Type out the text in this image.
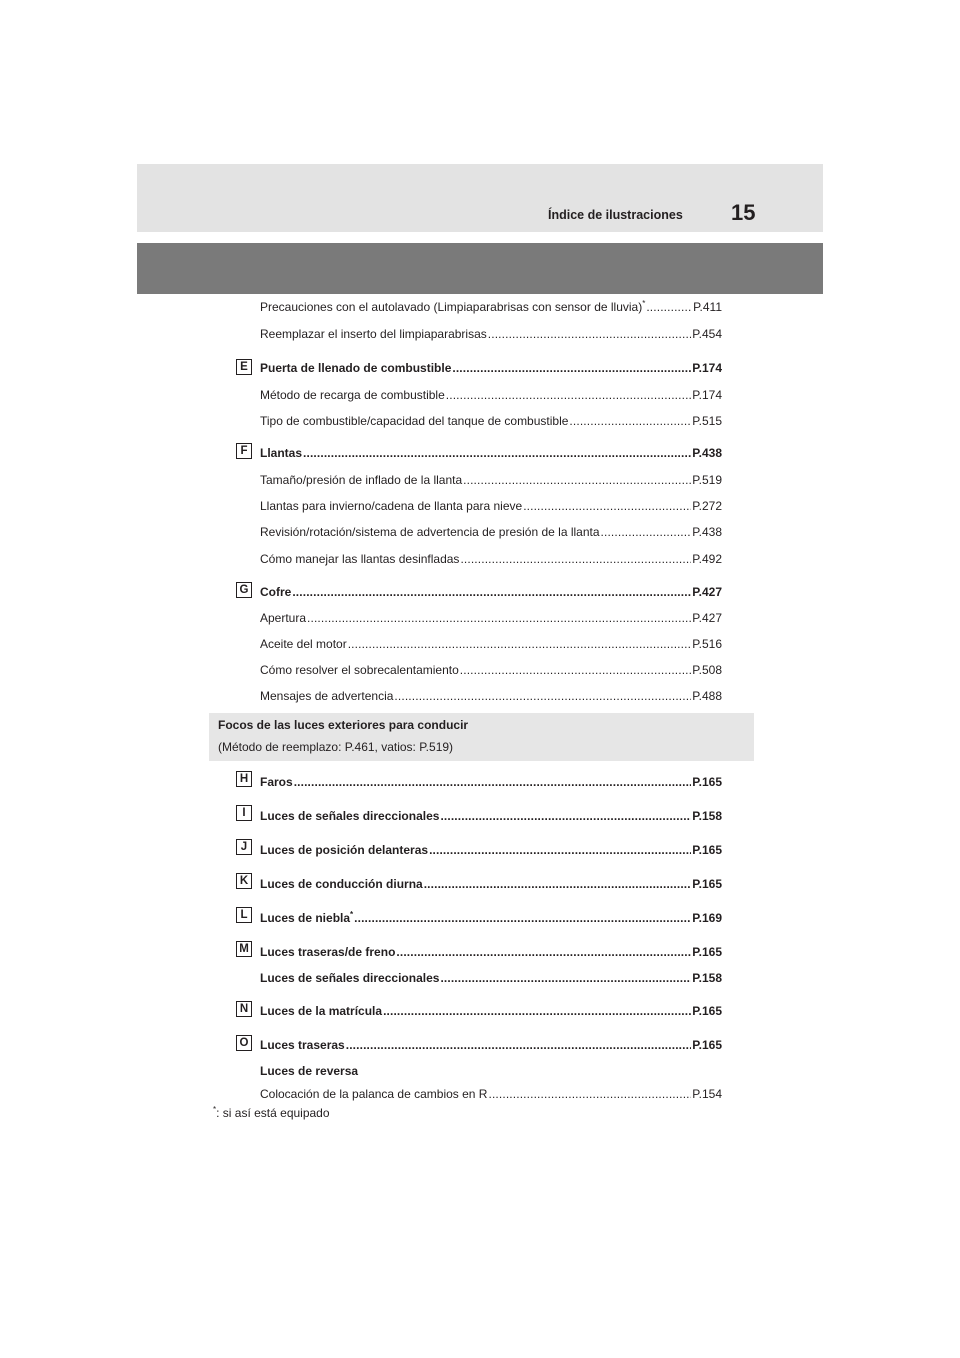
Índice de ilustraciones 15
Precauciones con el autolavado (Limpiaparabrisas con sensor de lluvia)* . . .	P.411
Reemplazar el inserto del limpiaparabrisas . . .	P.454
E	Puerta de llenado de combustible . . .	P.174
Método de recarga de combustible . . .	P.174
Tipo de combustible/capacidad del tanque de combustible . . .	P.515
F	Llantas . . .	P.438
Tamaño/presión de inflado de la llanta . . .	P.519
Llantas para invierno/cadena de llanta para nieve . . .	P.272
Revisión/rotación/sistema de advertencia de presión de la llanta . . .	P.438
Cómo manejar las llantas desinfladas . . .	P.492
G Cofre . . .	P.427
Apertura . . .	P.427
Aceite del motor . . .	P.516
Cómo resolver el sobrecalentamiento . . .	P.508
Mensajes de advertencia . . .	P.488
Focos de las luces exteriores para conducir
(Método de reemplazo: P.461, vatios: P.519)
H Faros . . .	P.165
I	Luces de señales direccionales . . .	P.158
J	Luces de posición delanteras . . .	P.165
K Luces de conducción diurna . . .	P.165
L	Luces de niebla* . . .	P.169
M Luces traseras/de freno . . .	P.165
Luces de señales direccionales . . .	P.158
N Luces de la matrícula . . .	P.165
O Luces traseras . . .	P.165
Luces de reversa
Colocación de la palanca de cambios en R . . .	P.154
*: si así está equipado
